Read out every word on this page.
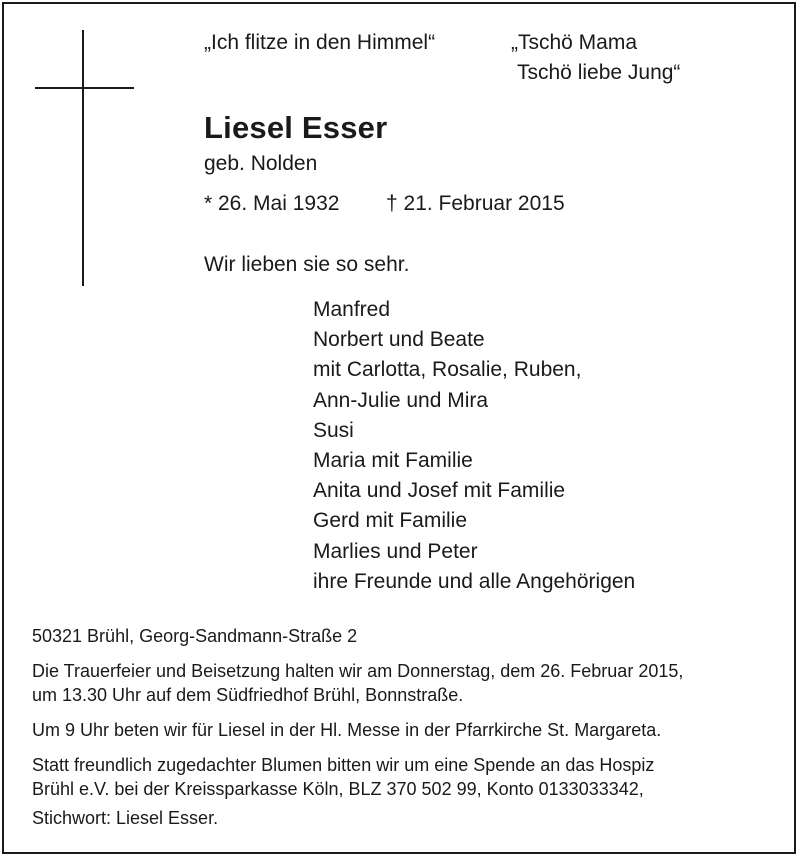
„Ich flitze in den Himmel“	„Tschö Mama
Tschö liebe Jung“
Liesel Esser
geb. Nolden
* 26. Mai 1932 † 21. Februar 2015
Wir lieben sie so sehr.
Manfred
Norbert und Beate
mit Carlotta, Rosalie, Ruben,
Ann-Julie und Mira
Susi
Maria mit Familie
Anita und Josef mit Familie
Gerd mit Familie
Marlies und Peter
ihre Freunde und alle Angehörigen
50321 Brühl, Georg-Sandmann-Straße 2
Die Trauerfeier und Beisetzung halten wir am Donnerstag, dem 26. Februar 2015,
um 13.30 Uhr auf dem Südfriedhof Brühl, Bonnstraße.
Um 9 Uhr beten wir für Liesel in der Hl. Messe in der Pfarrkirche St. Margareta.
Statt freundlich zugedachter Blumen bitten wir um eine Spende an das Hospiz
Brühl e.V. bei der Kreissparkasse Köln, BLZ 370 502 99, Konto 0133033342,
Stichwort: Liesel Esser.
